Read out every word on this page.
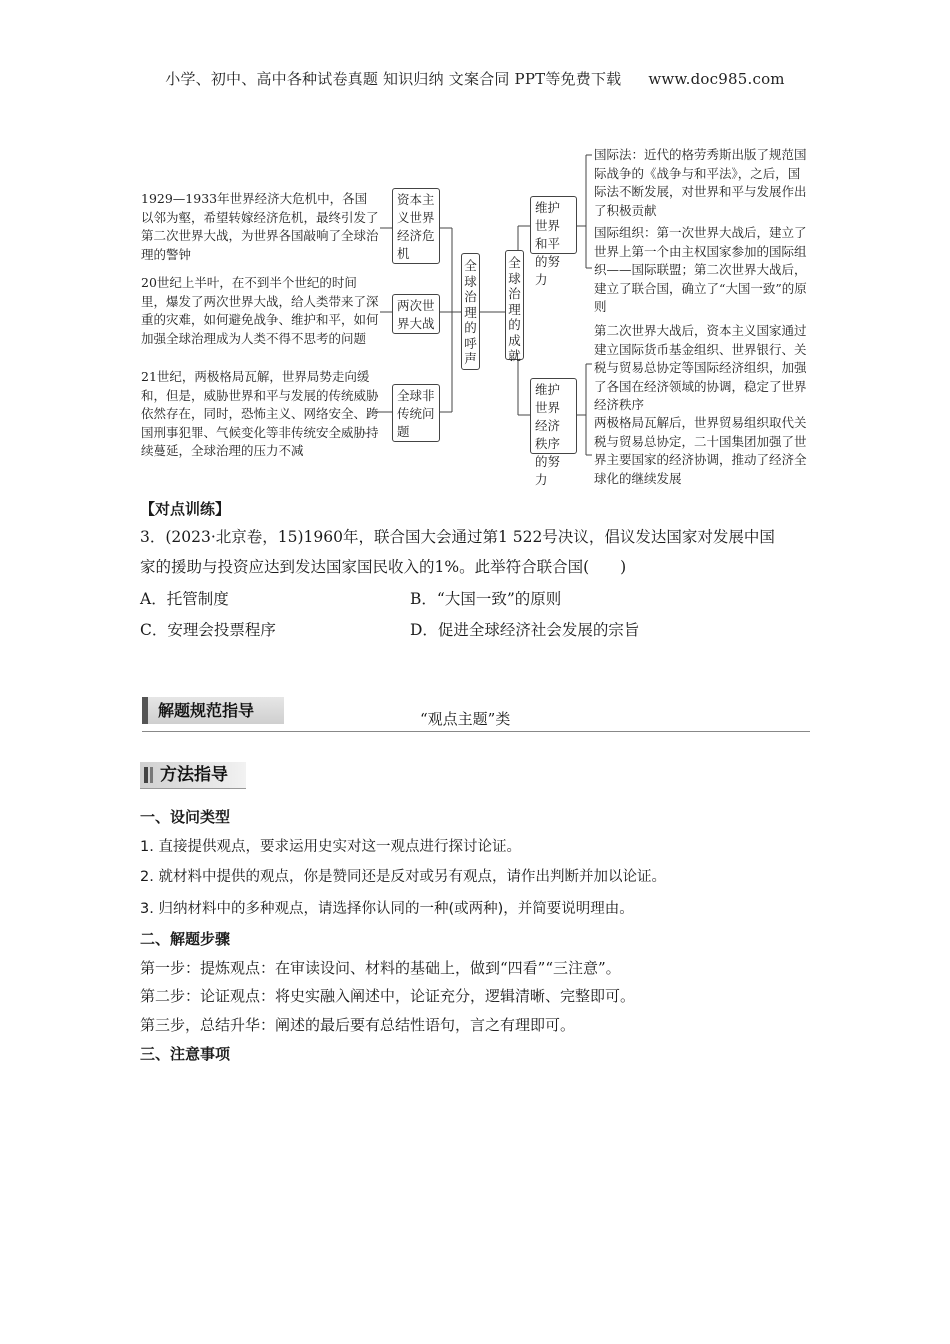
小学、初中、高中各种试卷真题 知识归纳 文案合同 PPT等免费下载 www.doc985.com
1929—1933年世界经济大危机中，各国以邻为壑，希望转嫁经济危机，最终引发了第二次世界大战，为世界各国敲响了全球治理的警钟
20世纪上半叶，在不到半个世纪的时间里，爆发了两次世界大战，给人类带来了深重的灾难，如何避免战争、维护和平，如何加强全球治理成为人类不得不思考的问题
21世纪，两极格局瓦解，世界局势走向缓和，但是，威胁世界和平与发展的传统威胁依然存在，同时，恐怖主义、网络安全、跨国刑事犯罪、气候变化等非传统安全威胁持续蔓延，全球治理的压力不减
资本主义世界经济危机
两次世界大战
全球非传统问题
全球治理的呼声
全球治理的成就
维护世界和平的努力
维护世界经济秩序的努力
国际法：近代的格劳秀斯出版了规范国际战争的《战争与和平法》，之后，国际法不断发展，对世界和平与发展作出了积极贡献
国际组织：第一次世界大战后，建立了世界上第一个由主权国家参加的国际组织——国际联盟；第二次世界大战后，建立了联合国，确立了“大国一致”的原则
第二次世界大战后，资本主义国家通过建立国际货币基金组织、世界银行、关税与贸易总协定等国际经济组织，加强了各国在经济领域的协调，稳定了世界经济秩序
两极格局瓦解后，世界贸易组织取代关税与贸易总协定，二十国集团加强了世界主要国家的经济协调，推动了经济全球化的继续发展
【对点训练】
3．(2023·北京卷，15)1960年，联合国大会通过第1 522号决议，倡议发达国家对发展中国
家的援助与投资应达到发达国家国民收入的1%。此举符合联合国(　　)
A．托管制度	B．“大国一致”的原则
C．安理会投票程序	D．促进全球经济社会发展的宗旨
解题规范指导	“观点主题”类
方法指导
一、设问类型
1. 直接提供观点，要求运用史实对这一观点进行探讨论证。
2. 就材料中提供的观点，你是赞同还是反对或另有观点，请作出判断并加以论证。
3. 归纳材料中的多种观点，请选择你认同的一种(或两种)，并简要说明理由。
二、解题步骤
第一步：提炼观点：在审读设问、材料的基础上，做到“四看”“三注意”。
第二步：论证观点：将史实融入阐述中，论证充分，逻辑清晰、完整即可。
第三步，总结升华：阐述的最后要有总结性语句，言之有理即可。
三、注意事项
